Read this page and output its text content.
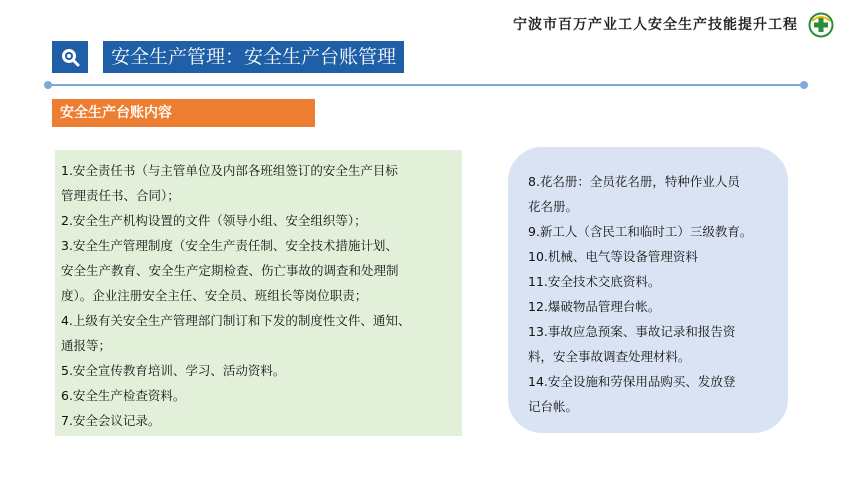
宁波市百万产业工人安全生产技能提升工程
安全生产管理：安全生产台账管理
安全生产台账内容

1.安全责任书（与主管单位及内部各班组签订的安全生产目标

管理责任书、合同）；

2.安全生产机构设置的文件（领导小组、安全组织等）；

3.安全生产管理制度（安全生产责任制、安全技术措施计划、

安全生产教育、安全生产定期检查、伤亡事故的调查和处理制

度）。企业注册安全主任、安全员、班组长等岗位职责；

4.上级有关安全生产管理部门制订和下发的制度性文件、通知、

通报等；

5.安全宣传教育培训、学习、活动资料。

6.安全生产检查资料。

7.安全会议记录。

8.花名册：全员花名册，特种作业人员

花名册。

9.新工人（含民工和临时工）三级教育。

10.机械、电气等设备管理资料

11.安全技术交底资料。

12.爆破物品管理台帐。

13.事故应急预案、事故记录和报告资

料，安全事故调查处理材料。

14.安全设施和劳保用品购买、发放登

记台帐。
